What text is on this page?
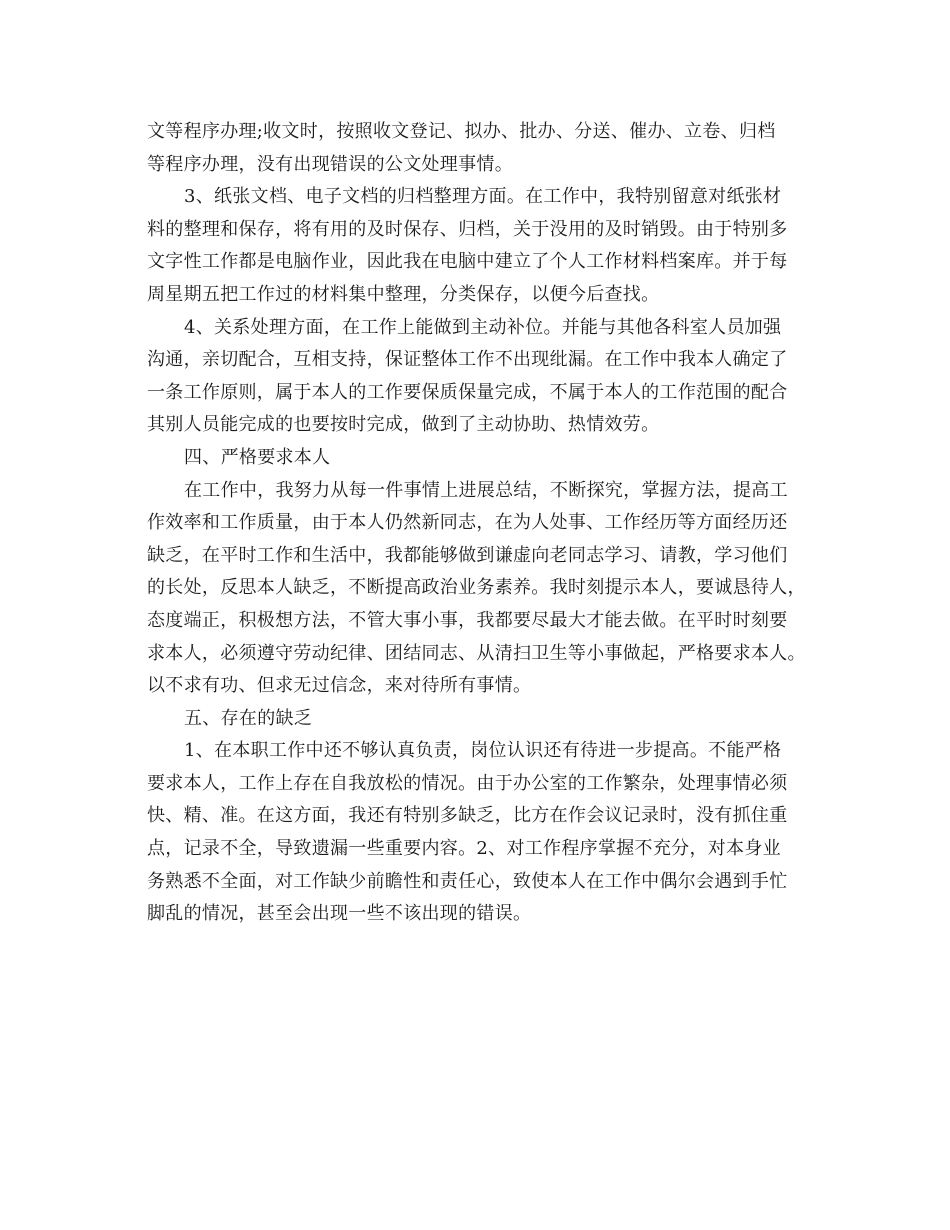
文等程序办理;收文时，按照收文登记、拟办、批办、分送、催办、立卷、归档
等程序办理，没有出现错误的公文处理事情。
3、纸张文档、电子文档的归档整理方面。在工作中，我特别留意对纸张材
料的整理和保存，将有用的及时保存、归档，关于没用的及时销毁。由于特别多
文字性工作都是电脑作业，因此我在电脑中建立了个人工作材料档案库。并于每
周星期五把工作过的材料集中整理，分类保存，以便今后查找。
4、关系处理方面，在工作上能做到主动补位。并能与其他各科室人员加强
沟通，亲切配合，互相支持，保证整体工作不出现纰漏。在工作中我本人确定了
一条工作原则，属于本人的工作要保质保量完成，不属于本人的工作范围的配合
其别人员能完成的也要按时完成，做到了主动协助、热情效劳。
四、严格要求本人
在工作中，我努力从每一件事情上进展总结，不断探究，掌握方法，提高工
作效率和工作质量，由于本人仍然新同志，在为人处事、工作经历等方面经历还
缺乏，在平时工作和生活中，我都能够做到谦虚向老同志学习、请教，学习他们
的长处，反思本人缺乏，不断提高政治业务素养。我时刻提示本人，要诚恳待人，
态度端正，积极想方法，不管大事小事，我都要尽最大才能去做。在平时时刻要
求本人，必须遵守劳动纪律、团结同志、从清扫卫生等小事做起，严格要求本人。
以不求有功、但求无过信念，来对待所有事情。
五、存在的缺乏
1、在本职工作中还不够认真负责，岗位认识还有待进一步提高。不能严格
要求本人，工作上存在自我放松的情况。由于办公室的工作繁杂，处理事情必须
快、精、准。在这方面，我还有特别多缺乏，比方在作会议记录时，没有抓住重
点，记录不全，导致遗漏一些重要内容。2、对工作程序掌握不充分，对本身业
务熟悉不全面，对工作缺少前瞻性和责任心，致使本人在工作中偶尔会遇到手忙
脚乱的情况，甚至会出现一些不该出现的错误。
